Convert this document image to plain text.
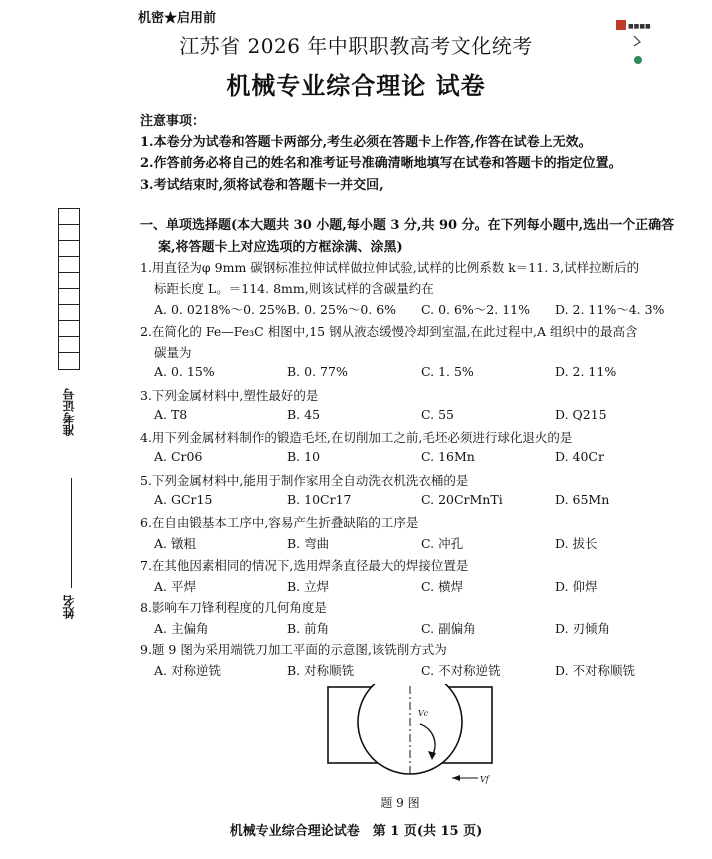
机密★启用前
■■■■
江苏省 2026 年中职职教高考文化统考
机械专业综合理论 试卷
注意事项：
1.本卷分为试卷和答题卡两部分,考生必须在答题卡上作答,作答在试卷上无效。
2.作答前务必将自己的姓名和准考证号准确清晰地填写在试卷和答题卡的指定位置。
3.考试结束时,须将试卷和答题卡一并交回,
一、单项选择题(本大题共 30 小题,每小题 3 分,共 90 分。在下列每小题中,选出一个正确答
案,将答题卡上对应选项的方框涂满、涂黑)
1.用直径为φ 9mm 碳钢标准拉伸试样做拉伸试验,试样的比例系数 k＝11. 3,试样拉断后的
标距长度 L。＝114. 8mm,则该试样的含碳量约在
A. 0. 0218%～0. 25% B. 0. 25%～0. 6% C. 0. 6%～2. 11% D. 2. 11%～4. 3%
2.在简化的 Fe—Fe₃C 相图中,15 钢从液态缓慢冷却到室温,在此过程中,A 组织中的最高含
碳量为
A. 0. 15%	B. 0. 77%	C. 1. 5%	D. 2. 11%
3.下列金属材料中,塑性最好的是
A. T8	B. 45	C. 55	D. Q215
4.用下列金属材料制作的锻造毛坯,在切削加工之前,毛坯必须进行球化退火的是
A. Cr06	B. 10	C. 16Mn	D. 40Cr
5.下列金属材料中,能用于制作家用全自动洗衣机洗衣桶的是
A. GCr15	B. 10Cr17	C. 20CrMnTi	D. 65Mn
6.在自由锻基本工序中,容易产生折叠缺陷的工序是
A. 镦粗	B. 弯曲	C. 冲孔	D. 拔长
7.在其他因素相同的情况下,选用焊条直径最大的焊接位置是
A. 平焊	B. 立焊	C. 横焊	D. 仰焊
8.影响车刀锋利程度的几何角度是
A. 主偏角	B. 前角	C. 副偏角	D. 刃倾角
9.题 9 图为采用端铣刀加工平面的示意图,该铣削方式为
A. 对称逆铣	B. 对称顺铣	C. 不对称逆铣	D. 不对称顺铣
Vc
Vf
题 9 图
准考证号
姓名
机械专业综合理论试卷　第 1 页(共 15 页)
